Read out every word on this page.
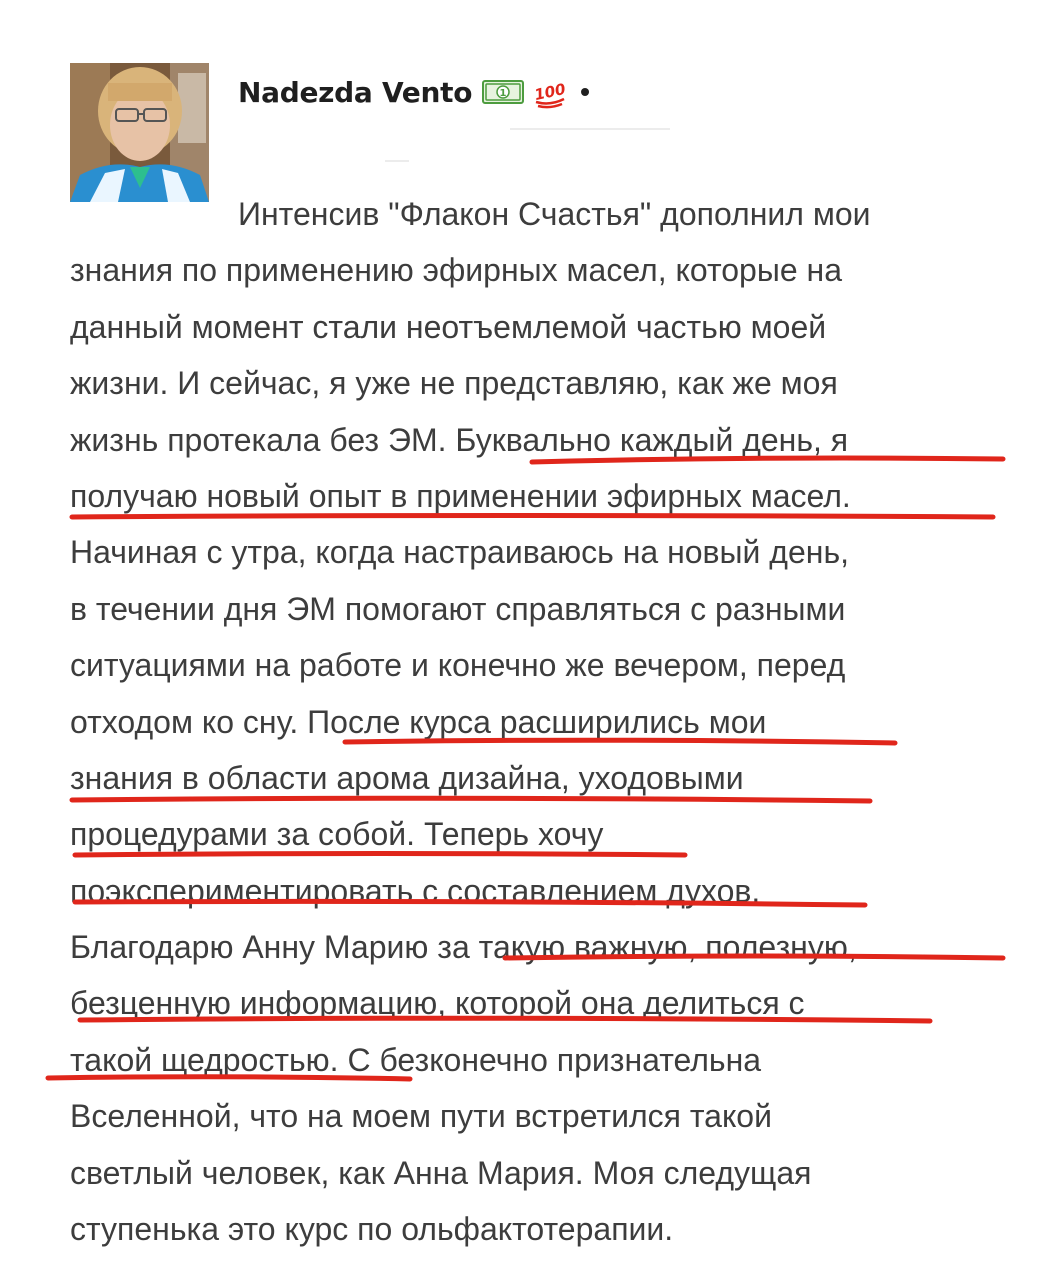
Nadezda Vento	1 100 •
Интенсив "Флакон Счастья" дополнил мои
знания по применению эфирных масел, которые на
данный момент стали неотъемлемой частью моей
жизни. И сейчас, я уже не представляю, как же моя
жизнь протекала без ЭМ. Буквально каждый день, я
получаю новый опыт в применении эфирных масел.
Начиная с утра, когда настраиваюсь на новый день,
в течении дня ЭМ помогают справляться с разными
ситуациями на работе и конечно же вечером, перед
отходом ко сну. После курса расширились мои
знания в области арома дизайна, уходовыми
процедурами за собой. Теперь хочу
поэкспериментировать с составлением духов.
Благодарю Анну Марию за такую важную, полезную,
безценную информацию, которой она делиться с
такой щедростью. С безконечно признательна
Вселенной, что на моем пути встретился такой
светлый человек, как Анна Мария. Моя следущая
ступенька это курс по ольфактотерапии.
